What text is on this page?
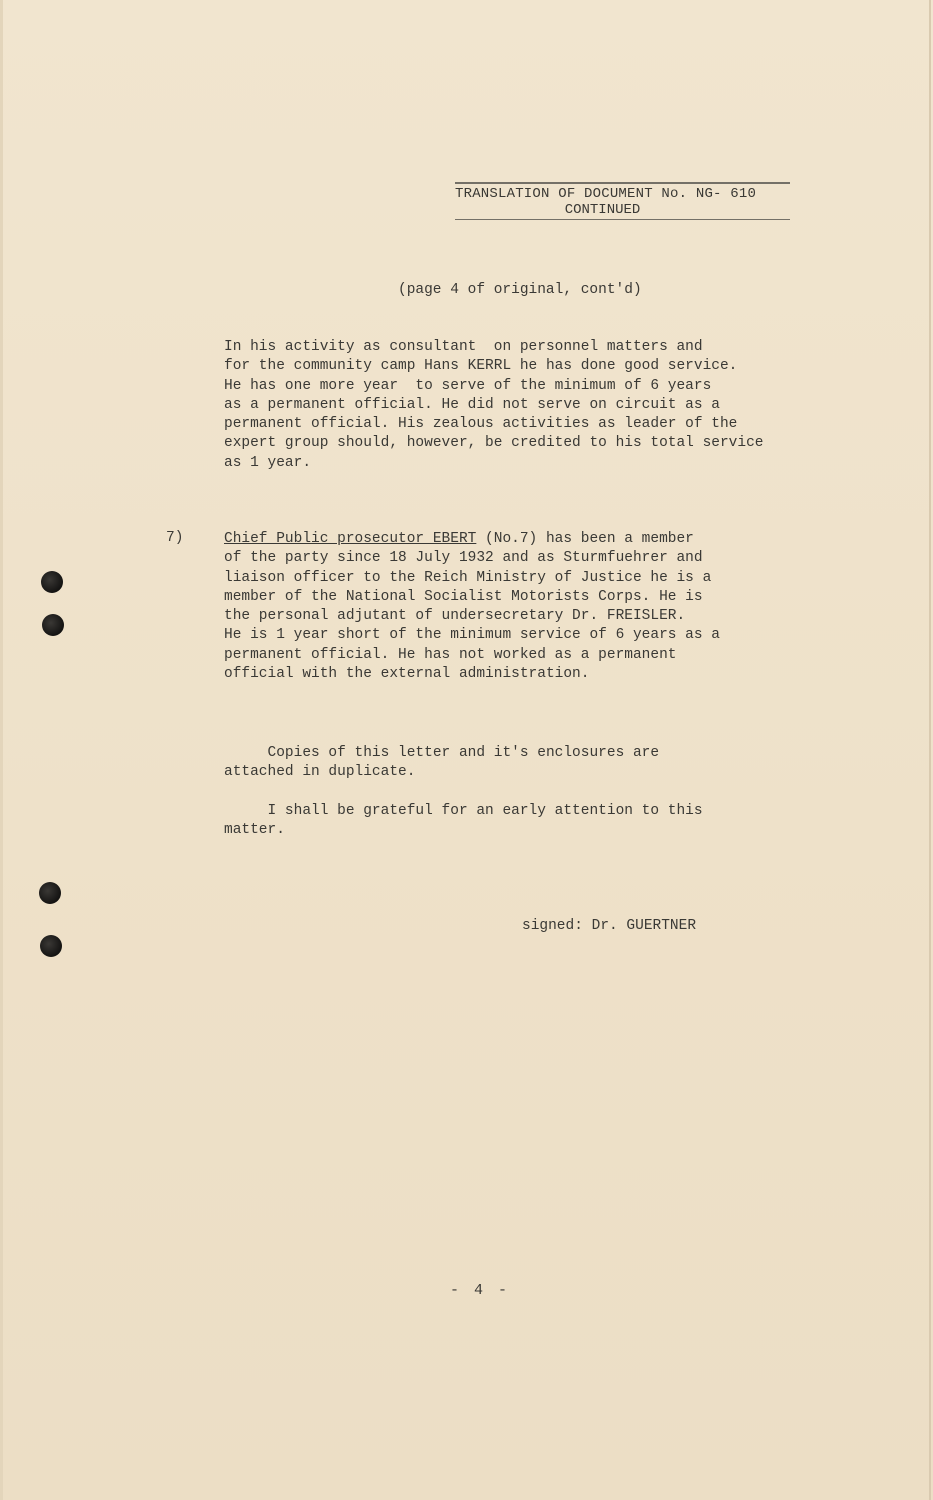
TRANSLATION OF DOCUMENT No. NG- 610
CONTINUED
(page 4 of original, cont'd)
In his activity as consultant  on personnel matters and
for the community camp Hans KERRL he has done good service.
He has one more year  to serve of the minimum of 6 years
as a permanent official. He did not serve on circuit as a
permanent official. His zealous activities as leader of the
expert group should, however, be credited to his total service
as 1 year.
7)	Chief Public prosecutor EBERT (No.7) has been a member
of the party since 18 July 1932 and as Sturmfuehrer and
liaison officer to the Reich Ministry of Justice he is a
member of the National Socialist Motorists Corps. He is
the personal adjutant of undersecretary Dr. FREISLER.
He is 1 year short of the minimum service of 6 years as a
permanent official. He has not worked as a permanent
official with the external administration.
Copies of this letter and it's enclosures are
attached in duplicate.
I shall be grateful for an early attention to this
matter.
signed: Dr. GUERTNER
- 4 -
